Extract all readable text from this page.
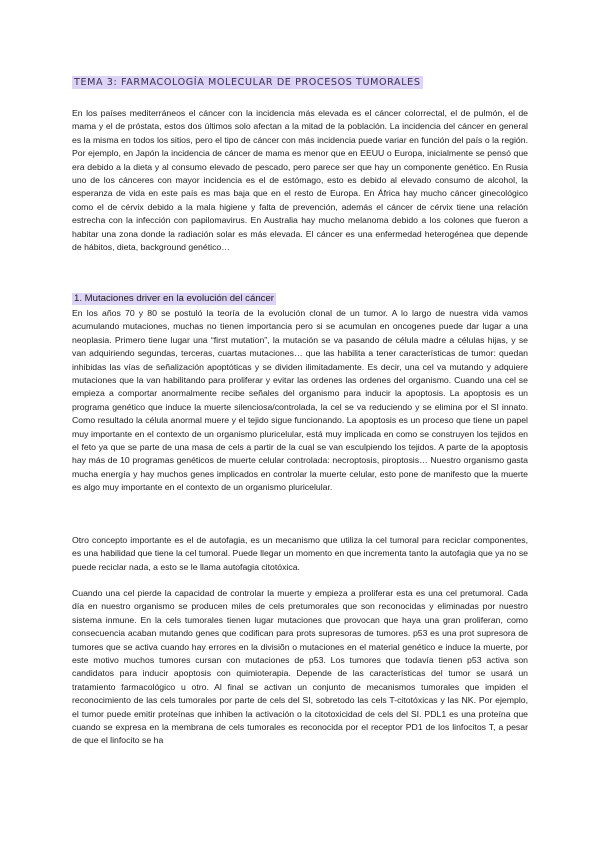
TEMA 3: FARMACOLOGÍA MOLECULAR DE PROCESOS TUMORALES

En los países mediterráneos el cáncer con la incidencia más elevada es el cáncer colorrectal, el de pulmón, el de mama y el de próstata, estos dos últimos solo afectan a la mitad de la población. La incidencia del cáncer en general es la misma en todos los sitios, pero el tipo de cáncer con más incidencia puede variar en función del país o la región. Por ejemplo, en Japón la incidencia de cáncer de mama es menor que en EEUU o Europa, inicialmente se pensó que era debido a la dieta y al consumo elevado de pescado, pero parece ser que hay un componente genético. En Rusia uno de los cánceres con mayor incidencia es el de estómago, esto es debido al elevado consumo de alcohol, la esperanza de vida en este país es mas baja que en el resto de Europa. En África hay mucho cáncer ginecológico como el de cérvix debido a la mala higiene y falta de prevención, además el cáncer de cérvix tiene una relación estrecha con la infección con papilomavirus. En Australia hay mucho melanoma debido a los colones que fueron a habitar una zona donde la radiación solar es más elevada. El cáncer es una enfermedad heterogénea que depende de hábitos, dieta, background genético…

1. Mutaciones driver en la evolución del cáncer

En los años 70 y 80 se postuló la teoría de la evolución clonal de un tumor. A lo largo de nuestra vida vamos acumulando mutaciones, muchas no tienen importancia pero si se acumulan en oncogenes puede dar lugar a una neoplasia. Primero tiene lugar una “first mutation”, la mutación se va pasando de célula madre a células hijas, y se van adquiriendo segundas, terceras, cuartas mutaciones… que las habilita a tener características de tumor: quedan inhibidas las vías de señalización apoptóticas y se dividen ilimitadamente. Es decir, una cel va mutando y adquiere mutaciones que la van habilitando para proliferar y evitar las ordenes las ordenes del organismo. Cuando una cel se empieza a comportar anormalmente recibe señales del organismo para inducir la apoptosis. La apoptosis es un programa genético que induce la muerte silenciosa/controlada, la cel se va reduciendo y se elimina por el SI innato. Como resultado la célula anormal muere y el tejido sigue funcionando. La apoptosis es un proceso que tiene un papel muy importante en el contexto de un organismo pluricelular, está muy implicada en como se construyen los tejidos en el feto ya que se parte de una masa de cels a partir de la cual se van esculpiendo los tejidos. A parte de la apoptosis hay más de 10 programas genéticos de muerte celular controlada: necroptosis, piroptosis… Nuestro organismo gasta mucha energía y hay muchos genes implicados en controlar la muerte celular, esto pone de manifesto que la muerte es algo muy importante en el contexto de un organismo pluricelular.

Otro concepto importante es el de autofagia, es un mecanismo que utiliza la cel tumoral para reciclar componentes, es una habilidad que tiene la cel tumoral. Puede llegar un momento en que incrementa tanto la autofagia que ya no se puede reciclar nada, a esto se le llama autofagia citotóxica.

Cuando una cel pierde la capacidad de controlar la muerte y empieza a proliferar esta es una cel pretumoral. Cada día en nuestro organismo se producen miles de cels pretumorales que son reconocidas y eliminadas por nuestro sistema inmune. En la cels tumorales tienen lugar mutaciones que provocan que haya una gran proliferan, como consecuencia acaban mutando genes que codifican para prots supresoras de tumores. p53 es una prot supresora de tumores que se activa cuando hay errores en la divisiõn o mutaciones en el material genético e induce la muerte, por este motivo muchos tumores cursan con mutaciones de p53. Los tumores que todavía tienen p53 activa son candidatos para inducir apoptosis con quimioterapia. Depende de las características del tumor se usará un tratamiento farmacológico u otro. Al final se activan un conjunto de mecanismos tumorales que impiden el reconocimiento de las cels tumorales por parte de cels del SI, sobretodo las cels T-citotóxicas y las NK. Por ejemplo, el tumor puede emitir proteínas que inhiben la activación o la citotoxicidad de cels del SI. PDL1 es una proteína que cuando se expresa en la membrana de cels tumorales es reconocida por el receptor PD1 de los linfocitos T, a pesar de que el linfocito se ha
